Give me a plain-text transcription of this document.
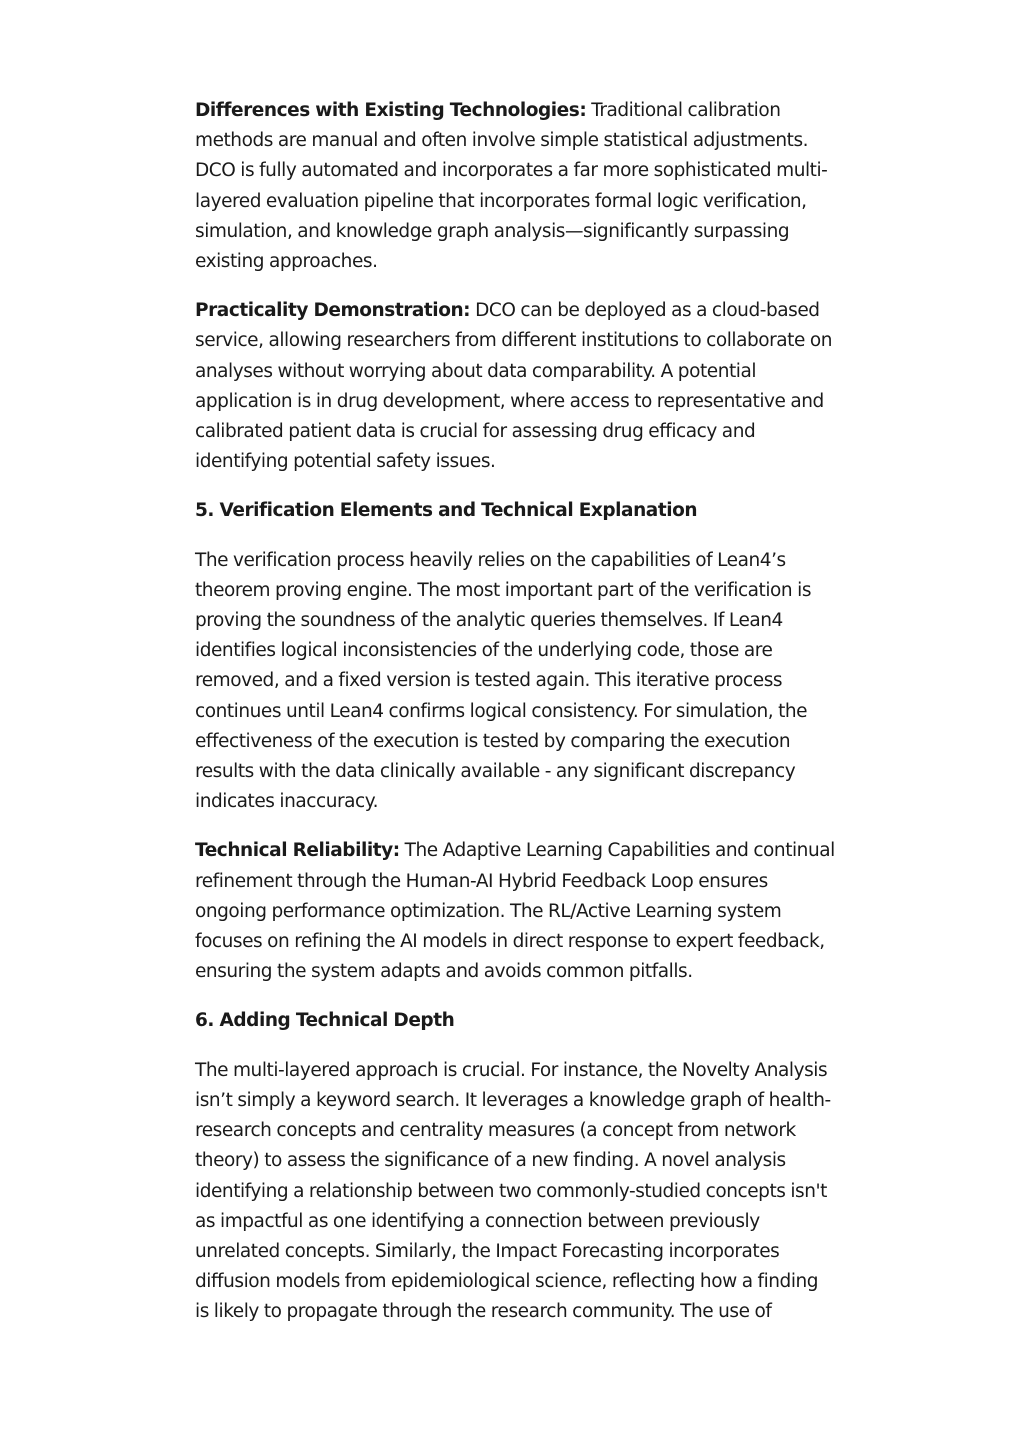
Differences with Existing Technologies: Traditional calibration methods are manual and often involve simple statistical adjustments. DCO is fully automated and incorporates a far more sophisticated multi-layered evaluation pipeline that incorporates formal logic verification, simulation, and knowledge graph analysis—significantly surpassing existing approaches.

Practicality Demonstration: DCO can be deployed as a cloud-based service, allowing researchers from different institutions to collaborate on analyses without worrying about data comparability. A potential application is in drug development, where access to representative and calibrated patient data is crucial for assessing drug efficacy and identifying potential safety issues.

5. Verification Elements and Technical Explanation

The verification process heavily relies on the capabilities of Lean4’s theorem proving engine. The most important part of the verification is proving the soundness of the analytic queries themselves. If Lean4 identifies logical inconsistencies of the underlying code, those are removed, and a fixed version is tested again. This iterative process continues until Lean4 confirms logical consistency. For simulation, the effectiveness of the execution is tested by comparing the execution results with the data clinically available - any significant discrepancy indicates inaccuracy.

Technical Reliability: The Adaptive Learning Capabilities and continual refinement through the Human-AI Hybrid Feedback Loop ensures ongoing performance optimization. The RL/Active Learning system focuses on refining the AI models in direct response to expert feedback, ensuring the system adapts and avoids common pitfalls.

6. Adding Technical Depth

The multi-layered approach is crucial. For instance, the Novelty Analysis isn’t simply a keyword search. It leverages a knowledge graph of health-research concepts and centrality measures (a concept from network theory) to assess the significance of a new finding. A novel analysis identifying a relationship between two commonly-studied concepts isn't as impactful as one identifying a connection between previously unrelated concepts. Similarly, the Impact Forecasting incorporates diffusion models from epidemiological science, reflecting how a finding is likely to propagate through the research community. The use of
